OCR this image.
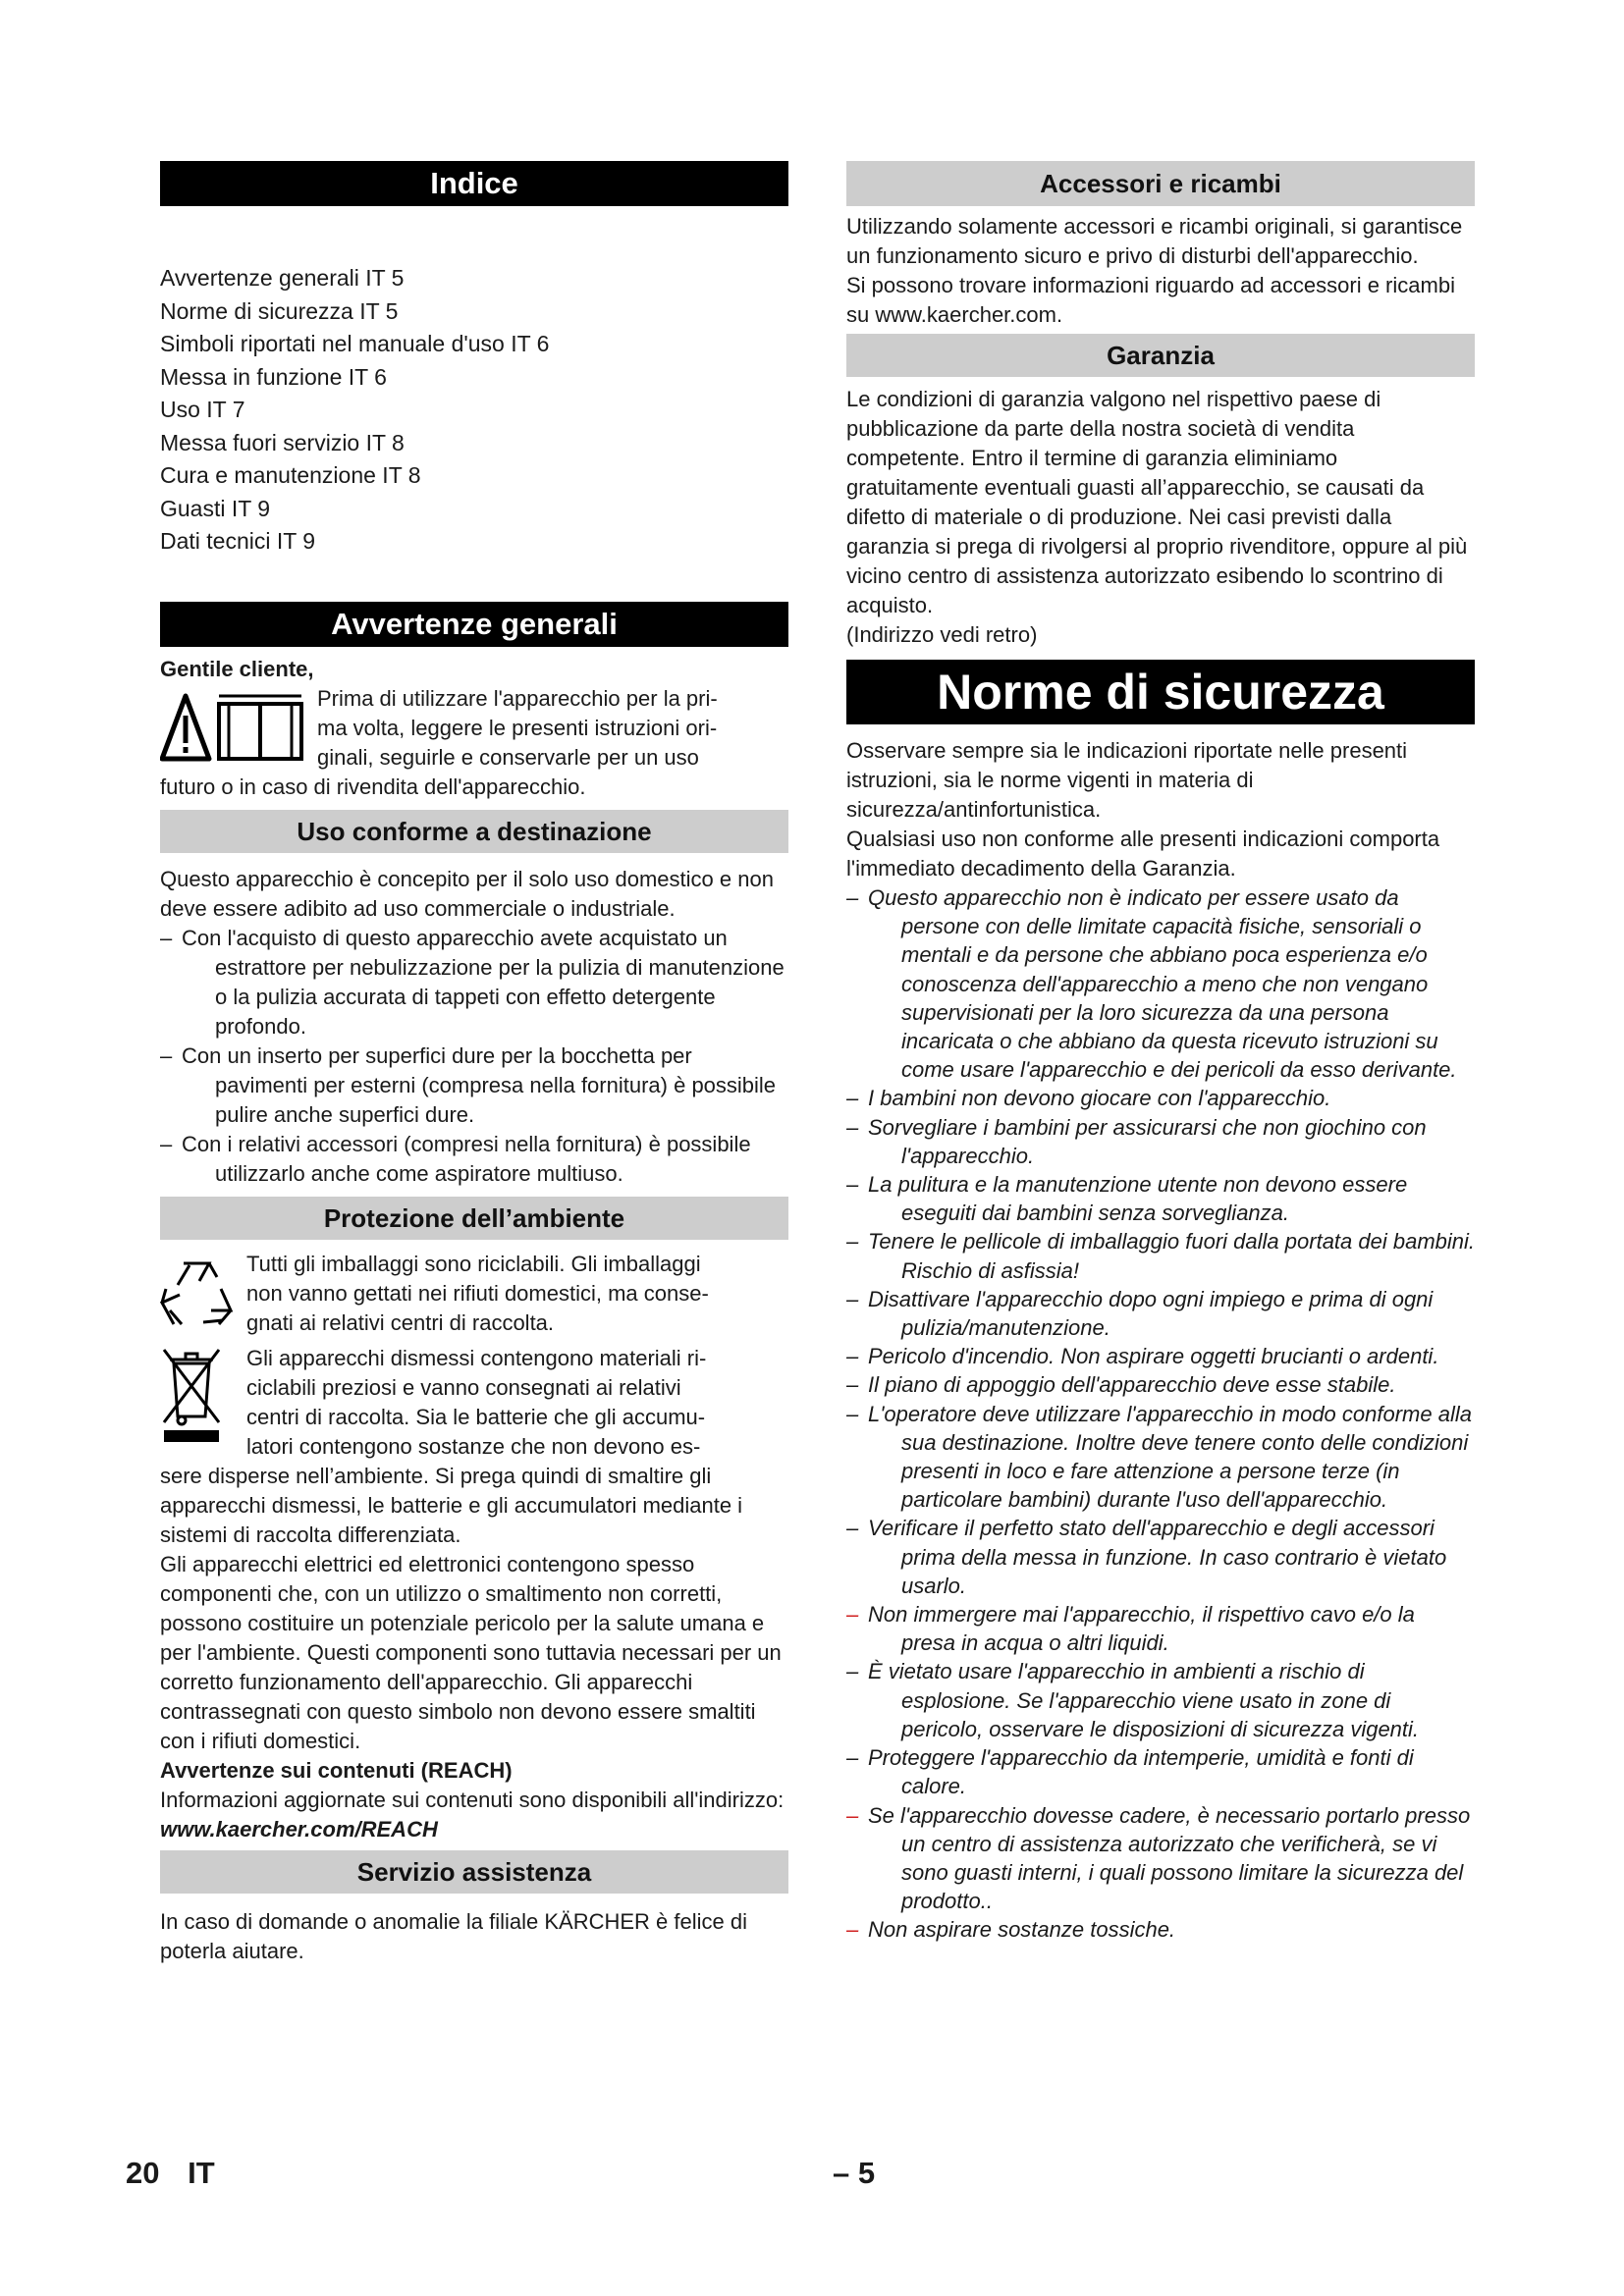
Indice
Avvertenze generali IT 5
Norme di sicurezza IT 5
Simboli riportati nel manuale d'uso IT 6
Messa in funzione IT 6
Uso IT 7
Messa fuori servizio IT 8
Cura e manutenzione IT 8
Guasti IT 9
Dati tecnici IT 9
Avvertenze generali

Gentile cliente,

Prima di utilizzare l'apparecchio per la pri-

ma volta, leggere le presenti istruzioni ori-

ginali, seguirle e conservarle per un uso

futuro o in caso di rivendita dell'apparecchio.

Uso conforme a destinazione

Questo apparecchio è concepito per il solo uso domestico e non deve essere adibito ad uso commerciale o industriale.

– Con l'acquisto di questo apparecchio avete acquistato un estrattore per nebulizzazione per la pulizia di manutenzione o la pulizia accurata di tappeti con effetto detergente profondo.
– Con un inserto per superfici dure per la bocchetta per pavimenti per esterni (compresa nella fornitura) è possibile pulire anche superfici dure.
– Con i relativi accessori (compresi nella fornitura) è possibile utilizzarlo anche come aspiratore multiuso.
Protezione dell’ambiente

Tutti gli imballaggi sono riciclabili. Gli imballaggi

non vanno gettati nei rifiuti domestici, ma conse-

gnati ai relativi centri di raccolta.

Gli apparecchi dismessi contengono materiali ri-

ciclabili preziosi e vanno consegnati ai relativi

centri di raccolta. Sia le batterie che gli accumu-

latori contengono sostanze che non devono es-

sere disperse nell’ambiente. Si prega quindi di smaltire gli apparecchi dismessi, le batterie e gli accumulatori mediante i sistemi di raccolta differenziata.

Gli apparecchi elettrici ed elettronici contengono spesso componenti che, con un utilizzo o smaltimento non corretti, possono costituire un potenziale pericolo per la salute umana e per l'ambiente. Questi componenti sono tuttavia necessari per un corretto funzionamento dell'apparecchio. Gli apparecchi contrassegnati con questo simbolo non devono essere smaltiti con i rifiuti domestici.

Avvertenze sui contenuti (REACH)

Informazioni aggiornate sui contenuti sono disponibili all'indirizzo:

www.kaercher.com/REACH

Servizio assistenza

In caso di domande o anomalie la filiale KÄRCHER è felice di poterla aiutare.

Accessori e ricambi

Utilizzando solamente accessori e ricambi originali, si garantisce un funzionamento sicuro e privo di disturbi dell'apparecchio.

Si possono trovare informazioni riguardo ad accessori e ricambi su www.kaercher.com.

Garanzia

Le condizioni di garanzia valgono nel rispettivo paese di pubblicazione da parte della nostra società di vendita competente. Entro il termine di garanzia eliminiamo gratuitamente eventuali guasti all’apparecchio, se causati da difetto di materiale o di produzione. Nei casi previsti dalla garanzia si prega di rivolgersi al proprio rivenditore, oppure al più vicino centro di assistenza autorizzato esibendo lo scontrino di acquisto.

(Indirizzo vedi retro)

Norme di sicurezza

Osservare sempre sia le indicazioni riportate nelle presenti istruzioni, sia le norme vigenti in materia di sicurezza/antinfortunistica.

Qualsiasi uso non conforme alle presenti indicazioni comporta l'immediato decadimento della Garanzia.

– Questo apparecchio non è indicato per essere usato da persone con delle limitate capacità fisiche, sensoriali o mentali e da persone che abbiano poca esperienza e/o conoscenza dell'apparecchio a meno che non vengano supervisionati per la loro sicurezza da una persona incaricata o che abbiano da questa ricevuto istruzioni su come usare l'apparecchio e dei pericoli da esso derivante.
– I bambini non devono giocare con l'apparecchio.
– Sorvegliare i bambini per assicurarsi che non giochino con l'apparecchio.
– La pulitura e la manutenzione utente non devono essere eseguiti dai bambini senza sorveglianza.
– Tenere le pellicole di imballaggio fuori dalla portata dei bambini. Rischio di asfissia!
– Disattivare l'apparecchio dopo ogni impiego e prima di ogni pulizia/manutenzione.
– Pericolo d'incendio. Non aspirare oggetti brucianti o ardenti.
– Il piano di appoggio dell'apparecchio deve esse stabile.
– L'operatore deve utilizzare l'apparecchio in modo conforme alla sua destinazione. Inoltre deve tenere conto delle condizioni presenti in loco e fare attenzione a persone terze (in particolare bambini) durante l'uso dell'apparecchio.
– Verificare il perfetto stato dell'apparecchio e degli accessori prima della messa in funzione. In caso contrario è vietato usarlo.
– Non immergere mai l'apparecchio, il rispettivo cavo e/o la presa in acqua o altri liquidi.
– È vietato usare l'apparecchio in ambienti a rischio di esplosione. Se l'apparecchio viene usato in zone di pericolo, osservare le disposizioni di sicurezza vigenti.
– Proteggere l'apparecchio da intemperie, umidità e fonti di calore.
– Se l'apparecchio dovesse cadere, è necessario portarlo presso un centro di assistenza autorizzato che verificherà, se vi sono guasti interni, i quali possono limitare la sicurezza del prodotto..
– Non aspirare sostanze tossiche.
20 IT	– 5
